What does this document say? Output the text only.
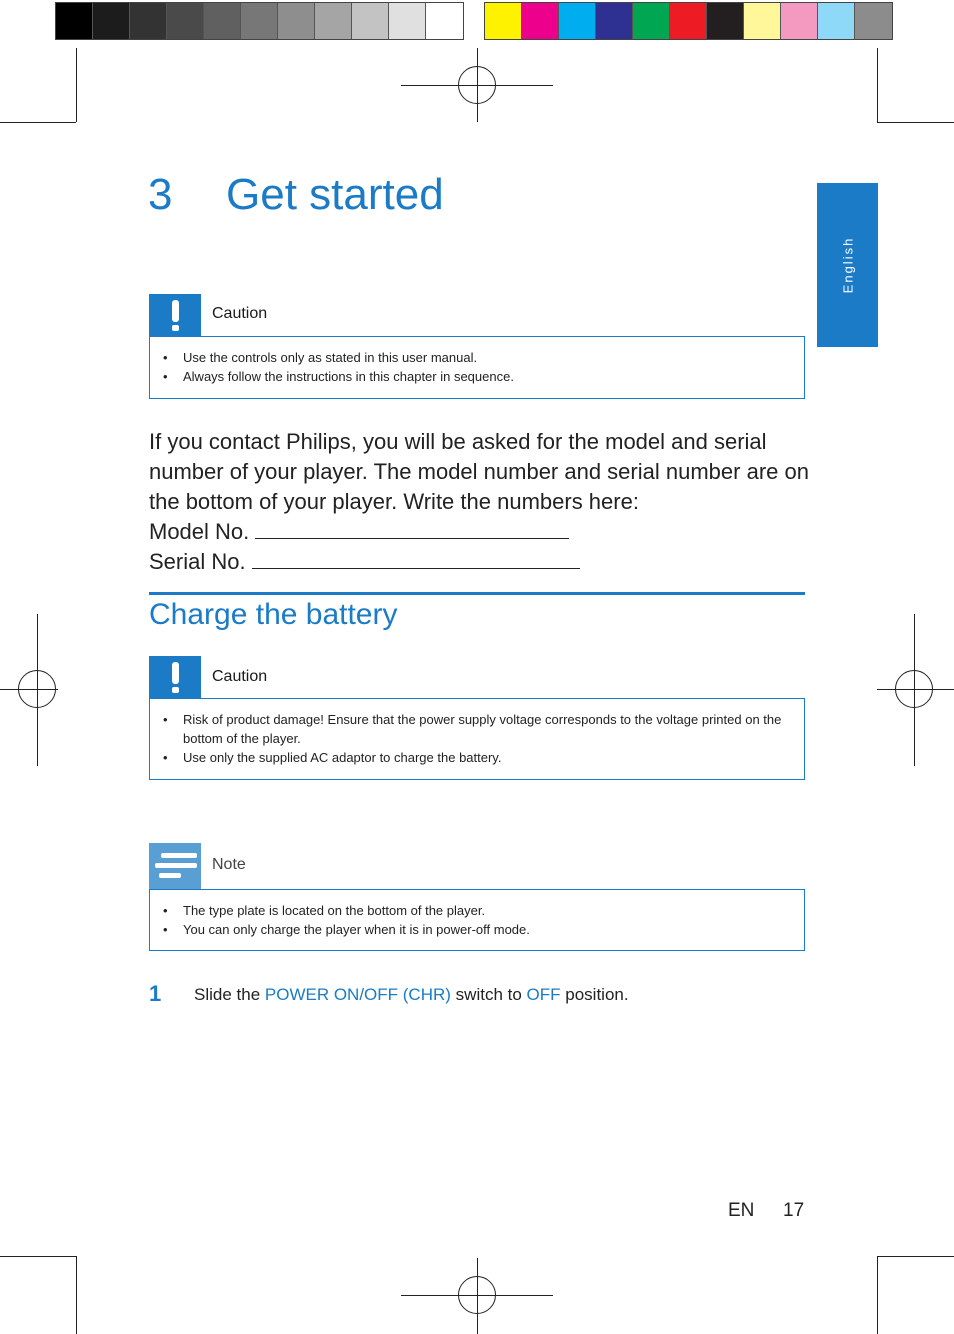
English
3 Get started
Caution
• Use the controls only as stated in this user manual.
• Always follow the instructions in this chapter in sequence.

If you contact Philips, you will be asked for the model and serial number of your player. The model number and serial number are on the bottom of your player. Write the numbers here:

Model No.

Serial No.

Charge the battery
Caution
• Risk of product damage! Ensure that the power supply voltage corresponds to the voltage printed on the bottom of the player.
• Use only the supplied AC adaptor to charge the battery.
Note
• The type plate is located on the bottom of the player.
• You can only charge the player when it is in power-off mode.
1 Slide the POWER ON/OFF (CHR) switch to OFF position.
EN 17
